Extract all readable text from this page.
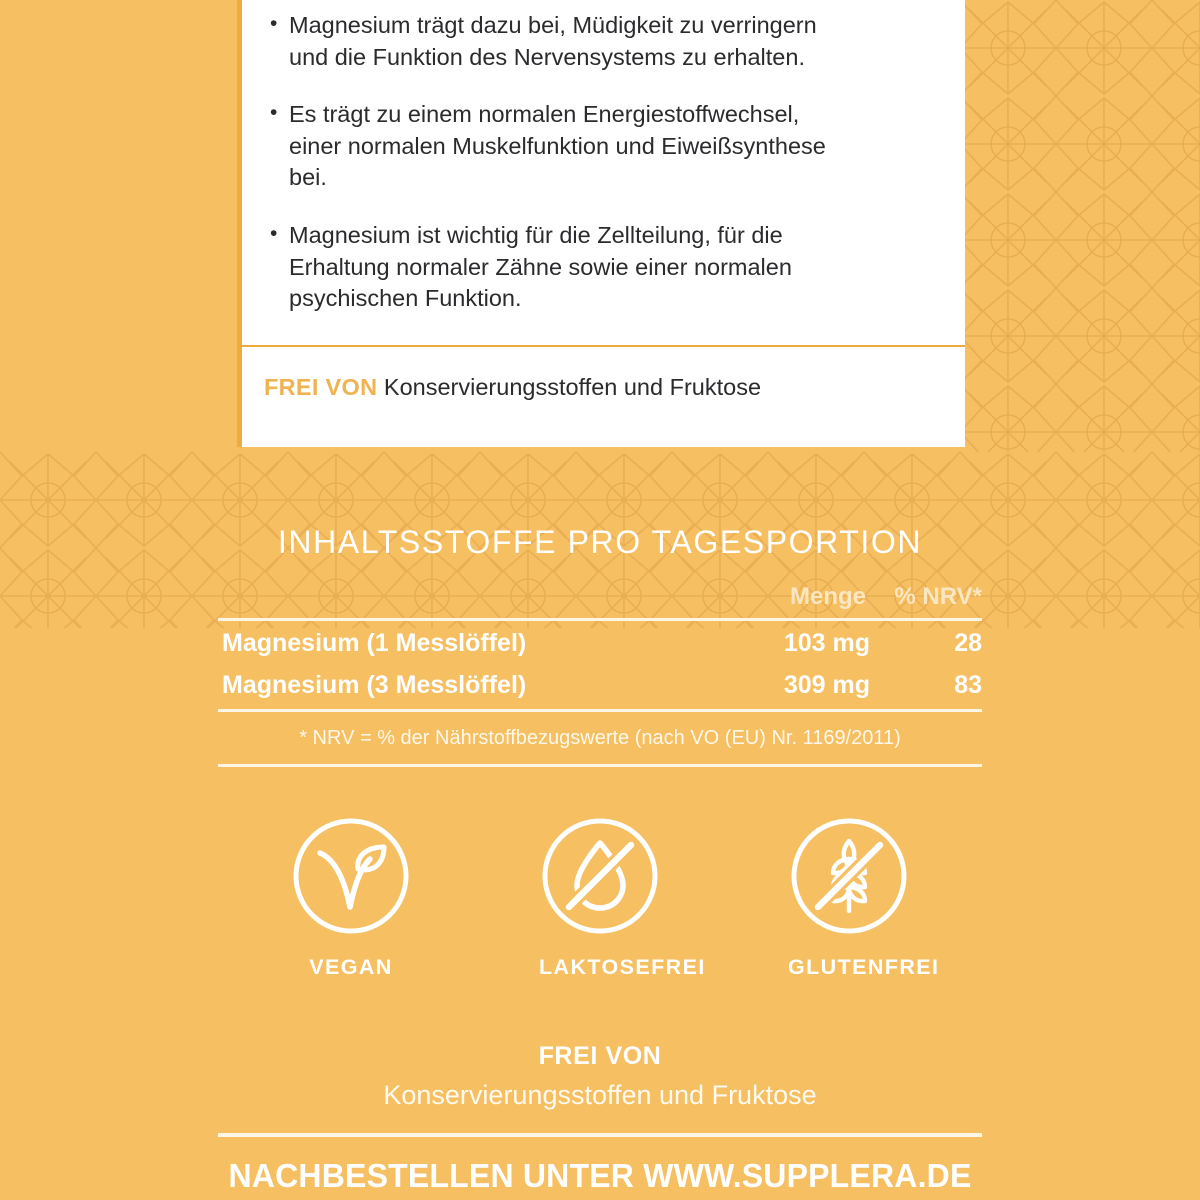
• Magnesium trägt dazu bei, Müdigkeit zu verringern
und die Funktion des Nervensystems zu erhalten.
• Es trägt zu einem normalen Energiestoffwechsel,
einer normalen Muskelfunktion und Eiweißsynthese
bei.
• Magnesium ist wichtig für die Zellteilung, für die
Erhaltung normaler Zähne sowie einer normalen
psychischen Funktion.
FREI VON Konservierungsstoffen und Fruktose
INHALTSSTOFFE PRO TAGESPORTION
Menge	% NRV*
Magnesium (1 Messlöffel)	103 mg	28
Magnesium (3 Messlöffel)	309 mg	83
* NRV = % der Nährstoffbezugswerte (nach VO (EU) Nr. 1169/2011)
VEGAN	LAKTOSEFREI	GLUTENFREI
FREI VON
Konservierungsstoffen und Fruktose
NACHBESTELLEN UNTER WWW.SUPPLERA.DE
